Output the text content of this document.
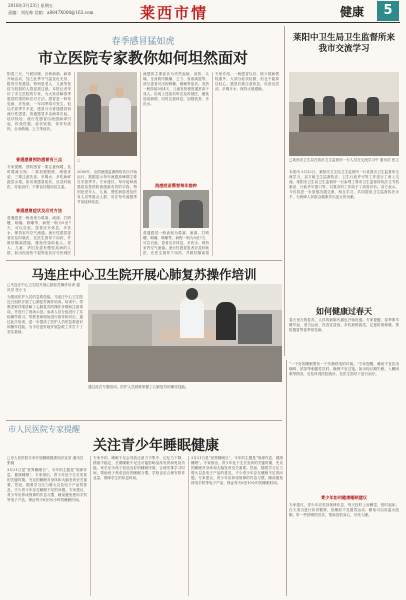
2018年3月23日 星期五
责编：刘克帅 信箱：a8847X000@163.com	莱西市情	健康	5
春季感冒猛如虎
市立医院专家教你如何坦然面对
阳春三月，气候回暖，各种病菌、病毒开始活动，加之此季节气温变化无常，极易引发感冒。特别是老人、儿童等免疫力较弱的人群更需注意。本报记者采访了市立医院的专家，为大家讲解春季感冒的预防和应对方法。感冒是一种常见病、多发病，一年四季均可发生，但以冬春季节多见。感冒分为普通感冒和流行性感冒。普通感冒多由病毒引起，症状较轻；流行性感冒由流感病毒引起，传染性强，症状较重，常伴有高热、全身酸痛、乏力等症状。
普通感冒预防感冒有三点
专家提醒，预防感冒一要注意保暖，及时增减衣物；二要加强锻炼，增强体质；三要注意饮食，多喝水，多吃新鲜蔬菜水果。如出现感冒症状，应及时就医，对症治疗，不要盲目服用抗生素。
普通感冒症状及应对方法
普通感冒一般表现为鼻塞、流涕、打喷嚏、咽痛、咳嗽等，病程一般为5至7天，可以自愈。患者应多休息，多饮水，保持室内空气流通。流行性感冒患者应及时就医，在医生指导下用药，并做好隔离措施，避免传染给他人。老人、儿童、孕妇及患有慢性疾病的人群，如出现高热不退等症状应尽快到医
□
2000年，全国流感监测网络首次开始运行，数据显示每年流感高峰期主要在冬春季节。专家建议，每年接种流感疫苗是预防流感最有效的手段，特别是老年人、儿童、慢性病患者及医务人员等重点人群，应在每年流感季节前接种疫苗。
流感的主要症状为突然起病、高热、头痛、全身肌肉酸痛、乏力、食欲减退等，部分患者可出现咳嗽、咽痛等症状。发热一般持续3至4天，儿童发热程度通常高于成人。出现上述症状时应及时就医，避免延误病情，同时注意休息，加强营养，多饮水。
流感疫苗需要每年接种
普通感冒一般表现为鼻塞、流涕、打喷嚏、咽痛、咳嗽等，病程一般为5至7天，可以自愈。患者应多休息，多饮水，保持室内空气流通。流行性感冒患者应及时就医，在医生指导下用药，并做好隔离措
专家介绍，一般感冒以后，除少数病情较重外，大部分症状轻微，但也不能掉以轻心。感冒后要注意休息，饮食宜清淡，多喝开水，保持大便通畅。
莱阳中卫生局卫生监督所来我市交流学习
□莱西市卫生局在我市卫生监督所一行人员在交流学习中 通讯员 张文
本报讯 3月22日，莱阳市卫生局卫生监督所一行来我市卫生监督所交流学习，双方就卫生监督执法、卫生行政许可等工作进行了深入交流。莱阳市卫生局卫生监督所一行参观了我市卫生监督所执法文书档案室、行政许可窗口等，对我市的工作给予了高度评价。双方表示，今后将进一步加强沟通交流，相互学习，共同提高卫生监督执法水平，为保障人民群众健康作出更大的贡献。
如何健康过春天
春天里万物复苏，人体的新陈代谢也开始旺盛。专家提醒，春季要早睡早起，适当运动，饮食宜清淡，多吃新鲜蔬菜，注意防寒保暖，预防感冒等春季常见病。
马连庄中心卫生院开展心肺复苏操作培训
□马连庄中心卫生院开展心肺复苏操作培训 通讯员 张小飞
为提高医护人员的急救技能，马连庄中心卫生院近日组织开展了心肺复苏操作培训。培训中，带教老师详细讲解了心肺复苏的操作步骤和注意事项，并进行了现场示范。参训人员分组进行了实际操作练习，带教老师现场进行指导和纠正。通过此次培训，进一步提高了医护人员的急救意识和操作技能，为今后更好地开展急救工作打下了坚实基础。
通过此次专题培训，医护人员熟练掌握了心肺复苏的操作技能。
市人民医院专家提醒
关注青少年睡眠健康
□市人民医院专家开展睡眠健康知识宣讲 通讯员 张晓
3月21日是“世界睡眠日”，今年的主题是“规律作息，健康睡眠”。专家指出，青少年处于生长发育的关键时期，充足的睡眠对身体和大脑发育至关重要。然而，随着学习压力增大以及电子产品的普及，不少青少年存在睡眠不足的问题。专家建议，青少年应养成规律的作息习惯，睡前避免使用手机等电子产品，保证每天8至10小时的睡眠时间。
专家介绍，睡眠不足会导致注意力不集中、记忆力下降、情绪不稳定，长期睡眠不足还可能影响身高发育和免疫功能。家长应为孩子营造良好的睡眠环境，合理安排学习时间，帮助孩子养成良好的睡眠习惯。学校也应合理安排作业量，保障学生的休息时间。
3月21日是“世界睡眠日”，今年的主题是“规律作息，健康睡眠”。专家指出，青少年处于生长发育的关键时期，充足的睡眠对身体和大脑发育至关重要。然而，随着学习压力增大以及电子产品的普及，不少青少年存在睡眠不足的问题。专家建议，青少年应养成规律的作息习惯，睡前避免使用手机等电子产品，保证每天8至10小时的睡眠时间。
“一个好的睡眠要有一个安静舒适的环境。”专家提醒，睡前不宜饮用咖啡、浓茶等刺激性饮料，晚餐不宜过饱。如出现长期失眠、入睡困难等情况，应及时到医院就诊，在医生指导下进行治疗。
青少年如何健康睡眠建议
专家建议，青少年应坚持规律作息，每天按时上床睡觉，按时起床；白天适当进行体育锻炼，但睡前不宜剧烈运动；睡前可以用温水泡脚，听一些舒缓的音乐，帮助放松身心，尽快入睡。
